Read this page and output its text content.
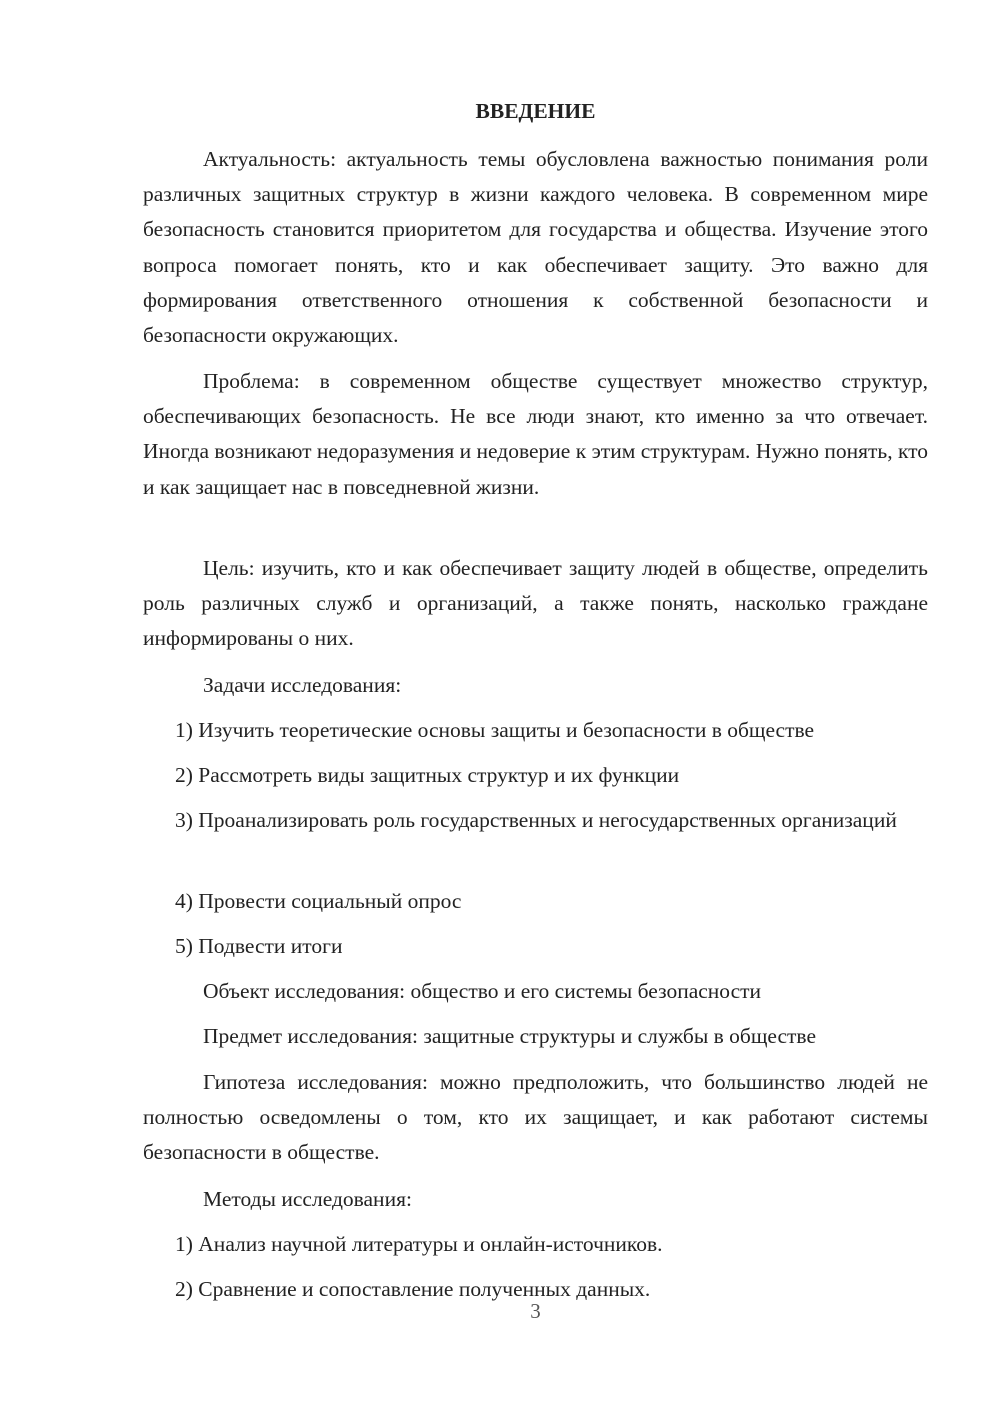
ВВЕДЕНИЕ

Актуальность: актуальность темы обусловлена важностью понимания роли различных защитных структур в жизни каждого человека. В современном мире безопасность становится приоритетом для государства и общества. Изучение этого вопроса помогает понять, кто и как обеспечивает защиту. Это важно для формирования ответственного отношения к собственной безопасности и безопасности окружающих.

Проблема: в современном обществе существует множество структур, обеспечивающих безопасность. Не все люди знают, кто именно за что отвечает. Иногда возникают недоразумения и недоверие к этим структурам. Нужно понять, кто и как защищает нас в повседневной жизни.

Цель: изучить, кто и как обеспечивает защиту людей в обществе, определить роль различных служб и организаций, а также понять, насколько граждане информированы о них.

Задачи исследования:

1) Изучить теоретические основы защиты и безопасности в обществе

2) Рассмотреть виды защитных структур и их функции

3) Проанализировать роль государственных и негосударственных организаций

4) Провести социальный опрос

5) Подвести итоги

Объект исследования: общество и его системы безопасности

Предмет исследования: защитные структуры и службы в обществе

Гипотеза исследования: можно предположить, что большинство людей не полностью осведомлены о том, кто их защищает, и как работают системы безопасности в обществе.

Методы исследования:

1) Анализ научной литературы и онлайн-источников.

2) Сравнение и сопоставление полученных данных.

3
